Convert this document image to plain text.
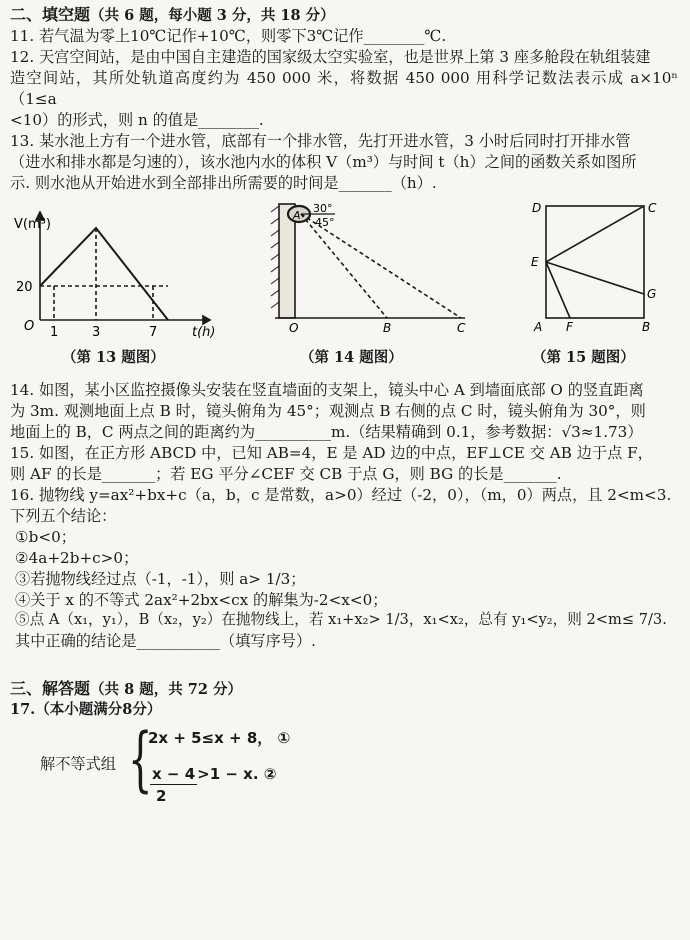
二、填空题（共 6 题，每小题 3 分，共 18 分）

11. 若气温为零上10℃记作+10℃，则零下3℃记作________℃.

12. 天宫空间站，是由中国自主建造的国家级太空实验室，也是世界上第 3 座多舱段在轨组装建

造空间站，其所处轨道高度约为 450 000 米，将数据 450 000 用科学记数法表示成 a×10ⁿ（1≤a

<10）的形式，则 n 的值是________.

13. 某水池上方有一个进水管，底部有一个排水管，先打开进水管，3 小时后同时打开排水管

（进水和排水都是匀速的），该水池内水的体积 V（m³）与时间 t（h）之间的函数关系如图所

示. 则水池从开始进水到全部排出所需要的时间是_______（h）.

V(m³)
20
O 1	3	7	t(h)
A
30°
45°
O	B	C
D	C
E
G
A F	B
（第 13 题图）	（第 14 题图）	（第 15 题图）

14. 如图，某小区监控摄像头安装在竖直墙面的支架上，镜头中心 A 到墙面底部 O 的竖直距离

为 3m. 观测地面上点 B 时，镜头俯角为 45°；观测点 B 右侧的点 C 时，镜头俯角为 30°，则

地面上的 B，C 两点之间的距离约为__________m.（结果精确到 0.1，参考数据：√3≈1.73）

15. 如图，在正方形 ABCD 中，已知 AB=4，E 是 AD 边的中点，EF⊥CE 交 AB 边于点 F，

则 AF 的长是_______；若 EG 平分∠CEF 交 CB 于点 G，则 BG 的长是_______.

16. 抛物线 y=ax²+bx+c（a，b，c 是常数，a>0）经过（-2，0），（m，0）两点，且 2<m<3.

下列五个结论：

①b<0；

②4a+2b+c>0；

③若抛物线经过点（-1，-1），则 a> 1/3；

④关于 x 的不等式 2ax²+2bx<cx 的解集为-2<x<0；

⑤点 A（x₁，y₁），B（x₂，y₂）在抛物线上，若 x₁+x₂> 1/3，x₁<x₂，总有 y₁<y₂，则 2<m≤ 7/3.

其中正确的结论是___________（填写序号）.

三、解答题（共 8 题，共 72 分）

17.（本小题满分8分）

解不等式组 {
2x + 5≤x + 8， ①
x − 4 >1 − x. ②
2
